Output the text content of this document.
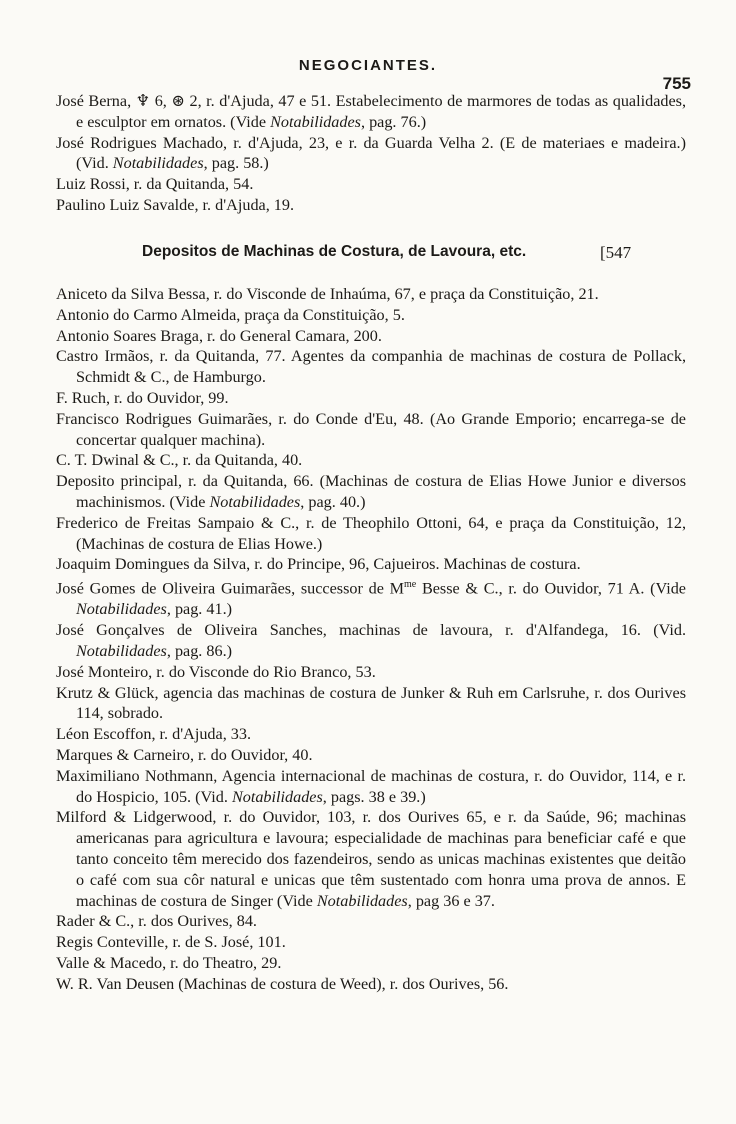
NEGOCIANTES.
755
José Berna, ♆ 6, ⊛ 2, r. d'Ajuda, 47 e 51. Estabelecimento de marmores de todas as qualidades, e esculptor em ornatos. (Vide Notabilidades, pag. 76.)
José Rodrigues Machado, r. d'Ajuda, 23, e r. da Guarda Velha 2. (E de materiaes e madeira.) (Vid. Notabilidades, pag. 58.)
Luiz Rossi, r. da Quitanda, 54.
Paulino Luiz Savalde, r. d'Ajuda, 19.
Depositos de Machinas de Costura, de Lavoura, etc.	[547
Aniceto da Silva Bessa, r. do Visconde de Inhaúma, 67, e praça da Constituição, 21.
Antonio do Carmo Almeida, praça da Constituição, 5.
Antonio Soares Braga, r. do General Camara, 200.
Castro Irmãos, r. da Quitanda, 77. Agentes da companhia de machinas de costura de Pollack, Schmidt & C., de Hamburgo.
F. Ruch, r. do Ouvidor, 99.
Francisco Rodrigues Guimarães, r. do Conde d'Eu, 48. (Ao Grande Emporio; encarrega-se de concertar qualquer machina).
C. T. Dwinal & C., r. da Quitanda, 40.
Deposito principal, r. da Quitanda, 66. (Machinas de costura de Elias Howe Junior e diversos machinismos. (Vide Notabilidades, pag. 40.)
Frederico de Freitas Sampaio & C., r. de Theophilo Ottoni, 64, e praça da Constituição, 12, (Machinas de costura de Elias Howe.)
Joaquim Domingues da Silva, r. do Principe, 96, Cajueiros. Machinas de costura.
José Gomes de Oliveira Guimarães, successor de $M^{me}$ Besse & C., r. do Ouvidor, 71 A. (Vide Notabilidades, pag. 41.)
José Gonçalves de Oliveira Sanches, machinas de lavoura, r. d'Alfandega, 16. (Vid. Notabilidades, pag. 86.)
José Monteiro, r. do Visconde do Rio Branco, 53.
Krutz & Glück, agencia das machinas de costura de Junker & Ruh em Carlsruhe, r. dos Ourives 114, sobrado.
Léon Escoffon, r. d'Ajuda, 33.
Marques & Carneiro, r. do Ouvidor, 40.
Maximiliano Nothmann, Agencia internacional de machinas de costura, r. do Ouvidor, 114, e r. do Hospicio, 105. (Vid. Notabilidades, pags. 38 e 39.)
Milford & Lidgerwood, r. do Ouvidor, 103, r. dos Ourives 65, e r. da Saúde, 96; machinas americanas para agricultura e lavoura; especialidade de machinas para beneficiar café e que tanto conceito têm merecido dos fazendeiros, sendo as unicas machinas existentes que deitão o café com sua côr natural e unicas que têm sustentado com honra uma prova de annos. E machinas de costura de Singer (Vide Notabilidades, pag 36 e 37.
Rader & C., r. dos Ourives, 84.
Regis Conteville, r. de S. José, 101.
Valle & Macedo, r. do Theatro, 29.
W. R. Van Deusen (Machinas de costura de Weed), r. dos Ourives, 56.
